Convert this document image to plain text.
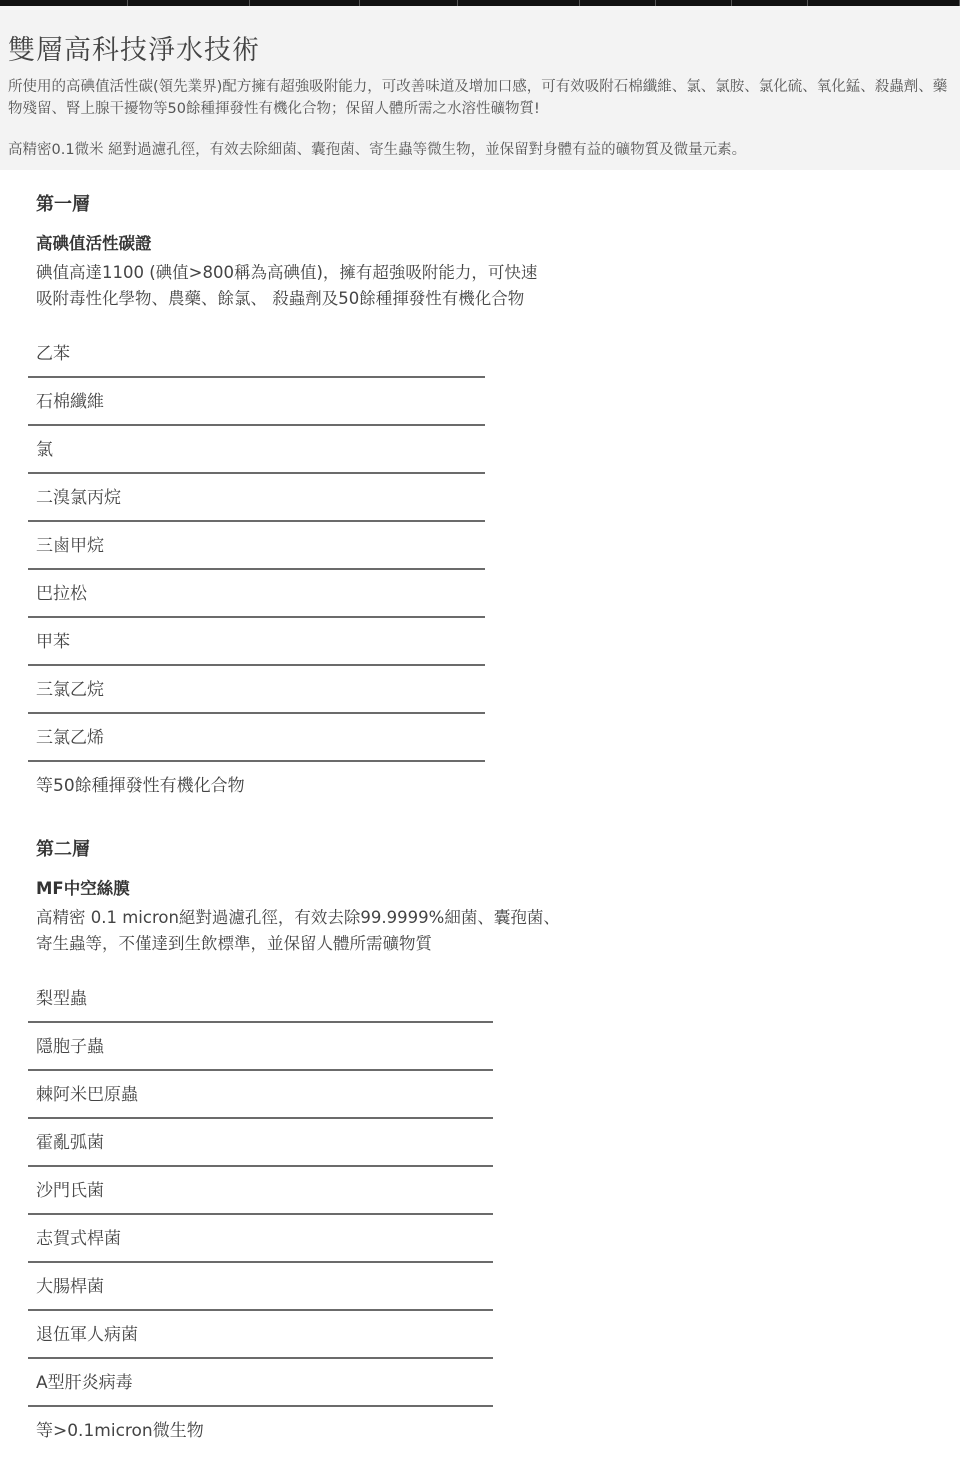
雙層高科技淨水技術

所使用的高碘值活性碳(領先業界)配方擁有超強吸附能力，可改善味道及增加口感，可有效吸附石棉纖維、氯、氯胺、氯化硫、氧化錳、殺蟲劑、藥物殘留、腎上腺干擾物等50餘種揮發性有機化合物；保留人體所需之水溶性礦物質!

高精密0.1微米 絕對過濾孔徑，有效去除細菌、囊孢菌、寄生蟲等微生物，並保留對身體有益的礦物質及微量元素。

第一層
高碘值活性碳證

碘值高達1100 (碘值>800稱為高碘值)，擁有超強吸附能力，可快速
吸附毒性化學物、農藥、餘氯、 殺蟲劑及50餘種揮發性有機化合物

乙苯
石棉纖維
氯
二溴氯丙烷
三鹵甲烷
巴拉松
甲苯
三氯乙烷
三氯乙烯
等50餘種揮發性有機化合物
第二層
MF中空絲膜

高精密 0.1 micron絕對過濾孔徑，有效去除99.9999%細菌、囊孢菌、
寄生蟲等，不僅達到生飲標準，並保留人體所需礦物質

梨型蟲
隱胞子蟲
棘阿米巴原蟲
霍亂弧菌
沙門氏菌
志賀式桿菌
大腸桿菌
退伍軍人病菌
A型肝炎病毒
等>0.1micron微生物
